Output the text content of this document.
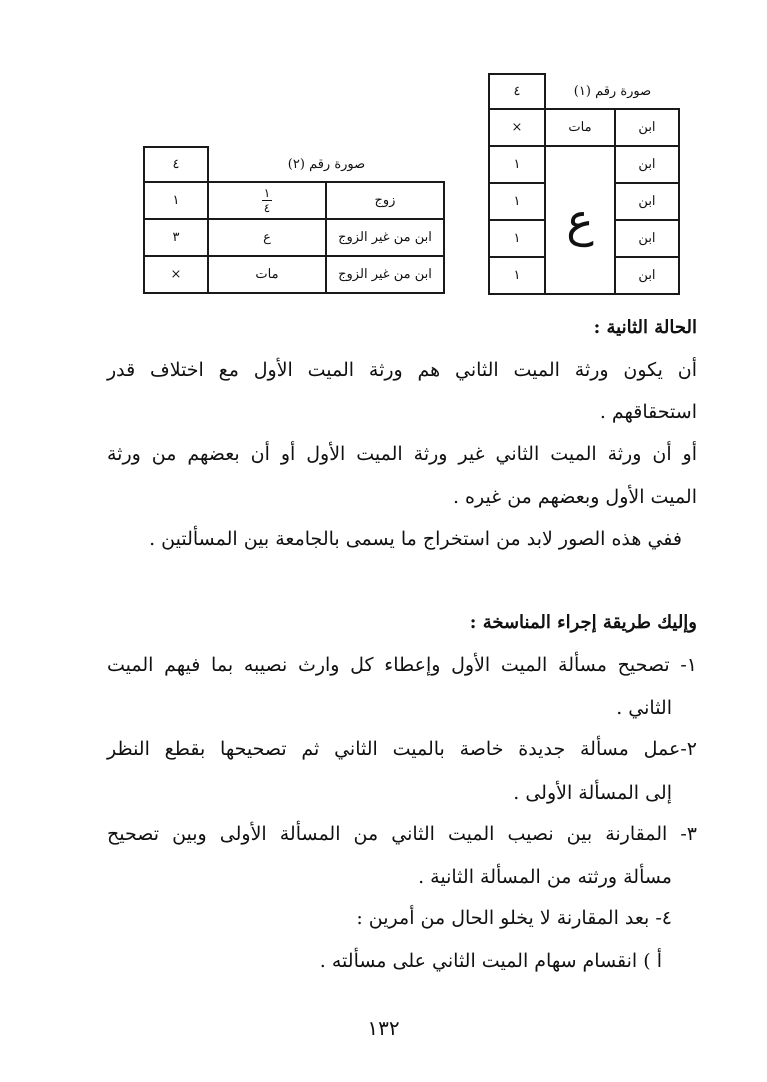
صورة رقم (١)		٤
ابن	مات	×
ابن	ع	١
ابن		١
ابن		١
ابن		١
صورة رقم (٢)		٤
زوج	$\frac{١}{٤}$	١
ابن من غير الزوج	ع	٣
ابن من غير الزوج	مات	×
الحالة الثانية :
أن يكون ورثة الميت الثاني هم ورثة الميت الأول مع اختلاف قدر
استحقاقهم .
أو أن ورثة الميت الثاني غير ورثة الميت الأول أو أن بعضهم من ورثة
الميت الأول وبعضهم من غيره .
ففي هذه الصور لابد من استخراج ما يسمى بالجامعة بين المسألتين .
وإليك طريقة إجراء المناسخة :
١- تصحيح مسألة الميت الأول وإعطاء كل وارث نصيبه بما فيهم الميت
الثاني .
٢-عمل مسألة جديدة خاصة بالميت الثاني ثم تصحيحها بقطع النظر
إلى المسألة الأولى .
٣- المقارنة بين نصيب الميت الثاني من المسألة الأولى وبين تصحيح
مسألة ورثته من المسألة الثانية .
٤- بعد المقارنة لا يخلو الحال من أمرين :
أ ) انقسام سهام الميت الثاني على مسألته .
١٣٢
